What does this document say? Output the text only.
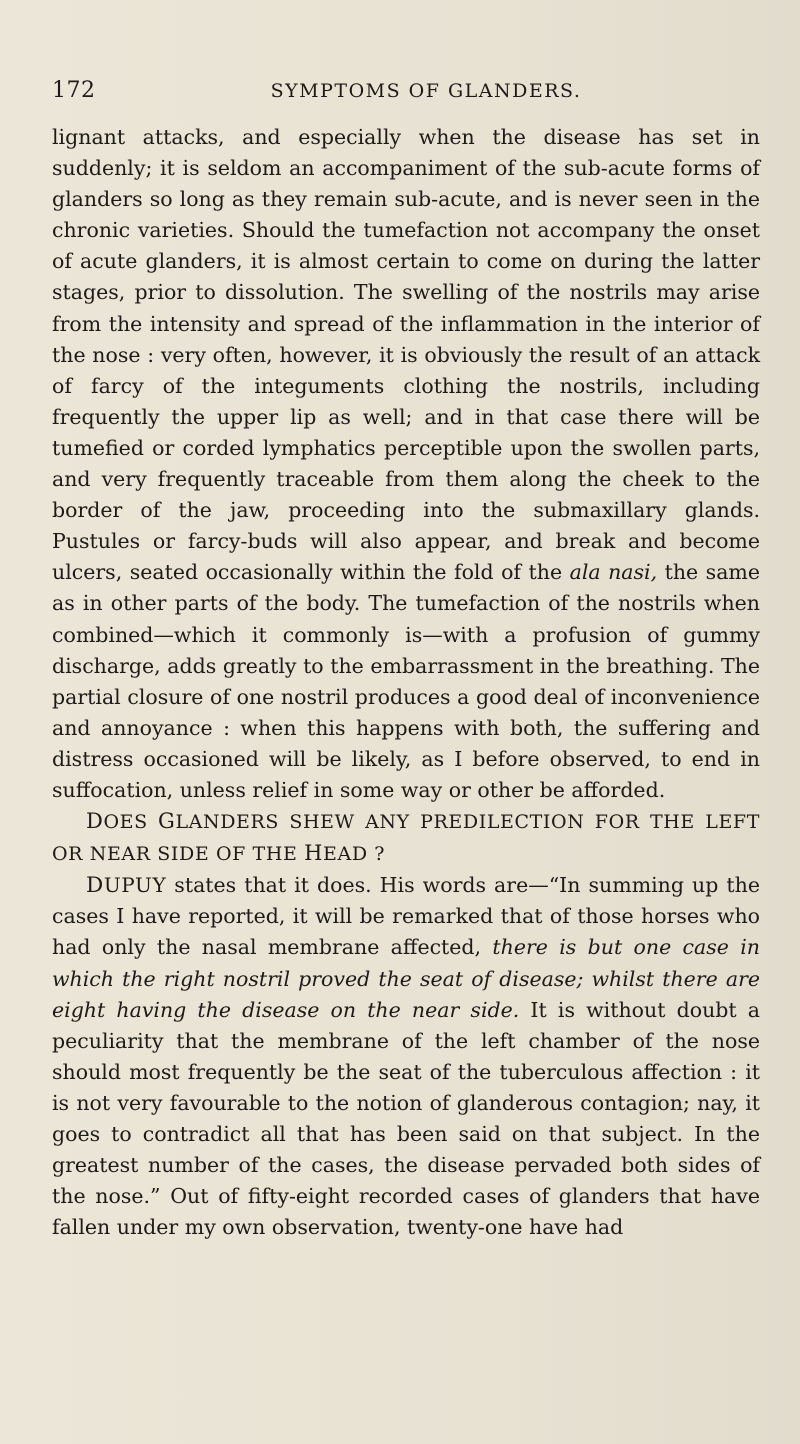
172	SYMPTOMS OF GLANDERS.

lignant attacks, and especially when the disease has set in suddenly; it is seldom an accompaniment of the sub-acute forms of glanders so long as they remain sub-acute, and is never seen in the chronic varieties. Should the tumefaction not accompany the onset of acute glanders, it is almost certain to come on during the latter stages, prior to dissolution. The swelling of the nostrils may arise from the intensity and spread of the inflammation in the interior of the nose : very often, however, it is obviously the result of an attack of farcy of the integuments clothing the nostrils, including frequently the upper lip as well; and in that case there will be tumefied or corded lymphatics perceptible upon the swollen parts, and very frequently traceable from them along the cheek to the border of the jaw, proceeding into the submaxillary glands. Pustules or farcy-buds will also appear, and break and become ulcers, seated occasionally within the fold of the ala nasi, the same as in other parts of the body. The tumefaction of the nostrils when combined—which it commonly is—with a profusion of gummy discharge, adds greatly to the embarrassment in the breathing. The partial closure of one nostril produces a good deal of inconvenience and annoyance : when this happens with both, the suffering and distress occasioned will be likely, as I before observed, to end in suffocation, unless relief in some way or other be afforded.

DOES GLANDERS SHEW ANY PREDILECTION FOR THE LEFT OR NEAR SIDE OF THE HEAD ?

DUPUY states that it does. His words are—“In summing up the cases I have reported, it will be remarked that of those horses who had only the nasal membrane affected, there is but one case in which the right nostril proved the seat of disease; whilst there are eight having the disease on the near side. It is without doubt a peculiarity that the membrane of the left chamber of the nose should most frequently be the seat of the tuberculous affection : it is not very favourable to the notion of glanderous contagion; nay, it goes to contradict all that has been said on that subject. In the greatest number of the cases, the disease pervaded both sides of the nose.” Out of fifty-eight recorded cases of glanders that have fallen under my own observation, twenty-one have had
